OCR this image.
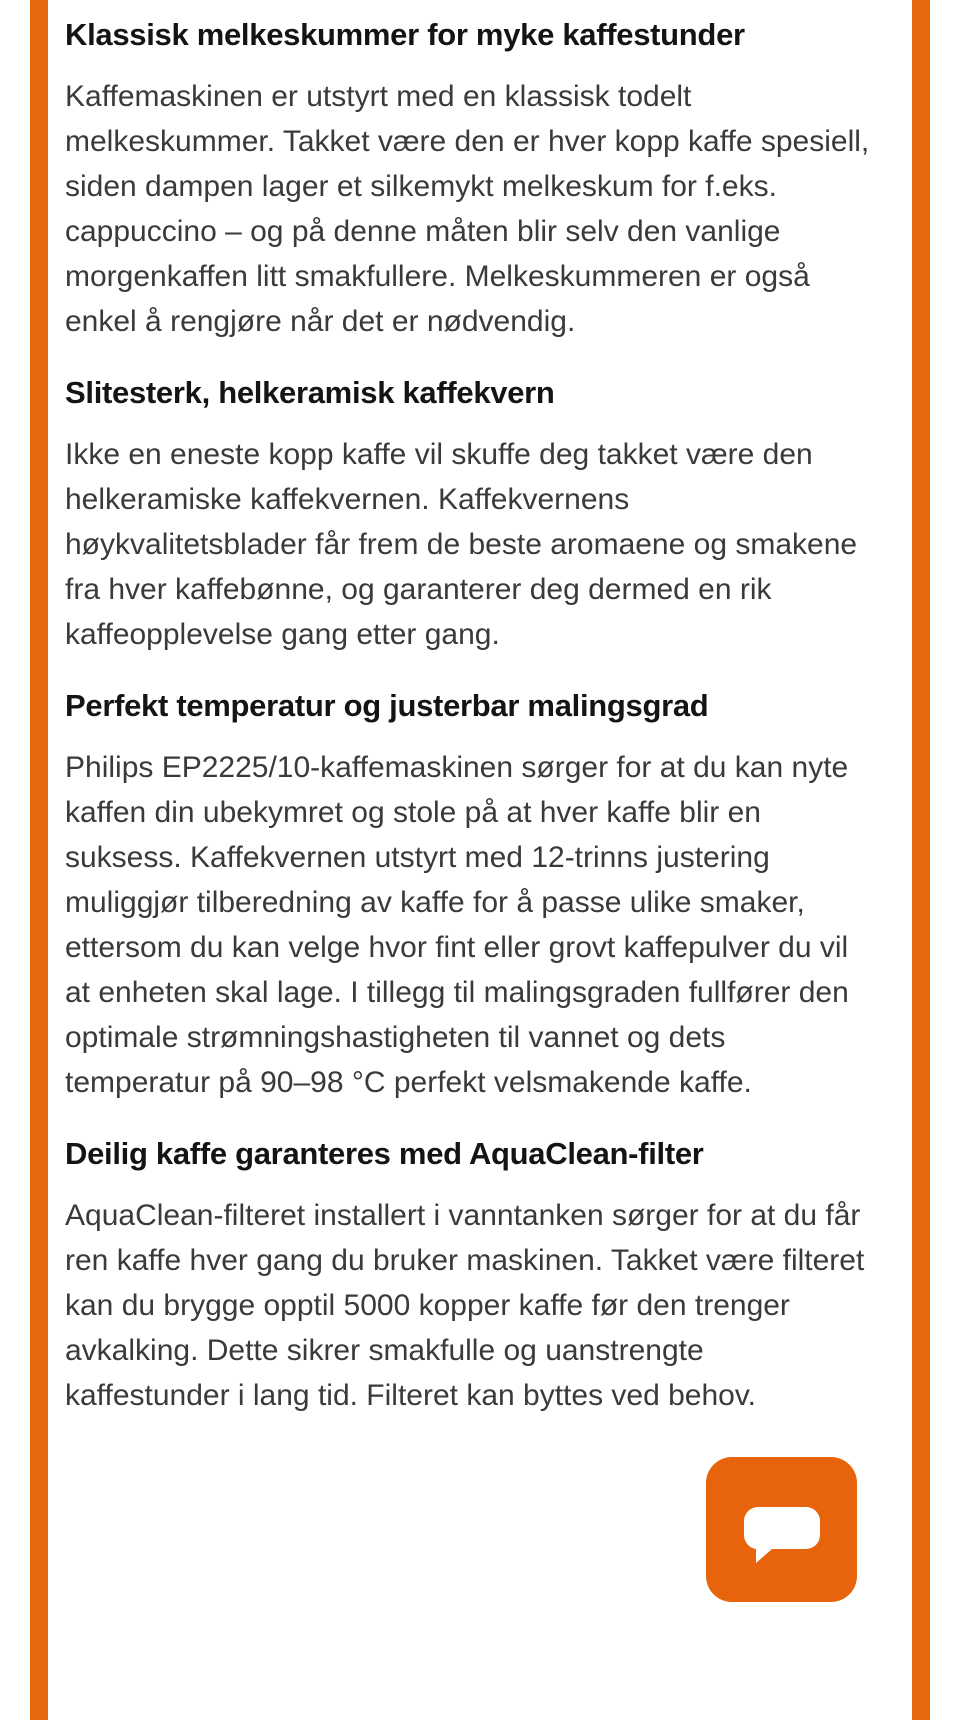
Klassisk melkeskummer for myke kaffestunder

Kaffemaskinen er utstyrt med en klassisk todelt melkeskummer. Takket være den er hver kopp kaffe spesiell, siden dampen lager et silkemykt melkeskum for f.eks. cappuccino – og på denne måten blir selv den vanlige morgenkaffen litt smakfullere. Melkeskummeren er også enkel å rengjøre når det er nødvendig.

Slitesterk, helkeramisk kaffekvern

Ikke en eneste kopp kaffe vil skuffe deg takket være den helkeramiske kaffekvernen. Kaffekvernens høykvalitetsblader får frem de beste aromaene og smakene fra hver kaffebønne, og garanterer deg dermed en rik kaffeopplevelse gang etter gang.

Perfekt temperatur og justerbar malingsgrad

Philips EP2225/10-kaffemaskinen sørger for at du kan nyte kaffen din ubekymret og stole på at hver kaffe blir en suksess. Kaffekvernen utstyrt med 12-trinns justering muliggjør tilberedning av kaffe for å passe ulike smaker, ettersom du kan velge hvor fint eller grovt kaffepulver du vil at enheten skal lage. I tillegg til malingsgraden fullfører den optimale strømningshastigheten til vannet og dets temperatur på 90–98 °C perfekt velsmakende kaffe.

Deilig kaffe garanteres med AquaClean-filter

AquaClean-filteret installert i vanntanken sørger for at du får ren kaffe hver gang du bruker maskinen. Takket være filteret kan du brygge opptil 5000 kopper kaffe før den trenger avkalking. Dette sikrer smakfulle og uanstrengte kaffestunder i lang tid. Filteret kan byttes ved behov.
